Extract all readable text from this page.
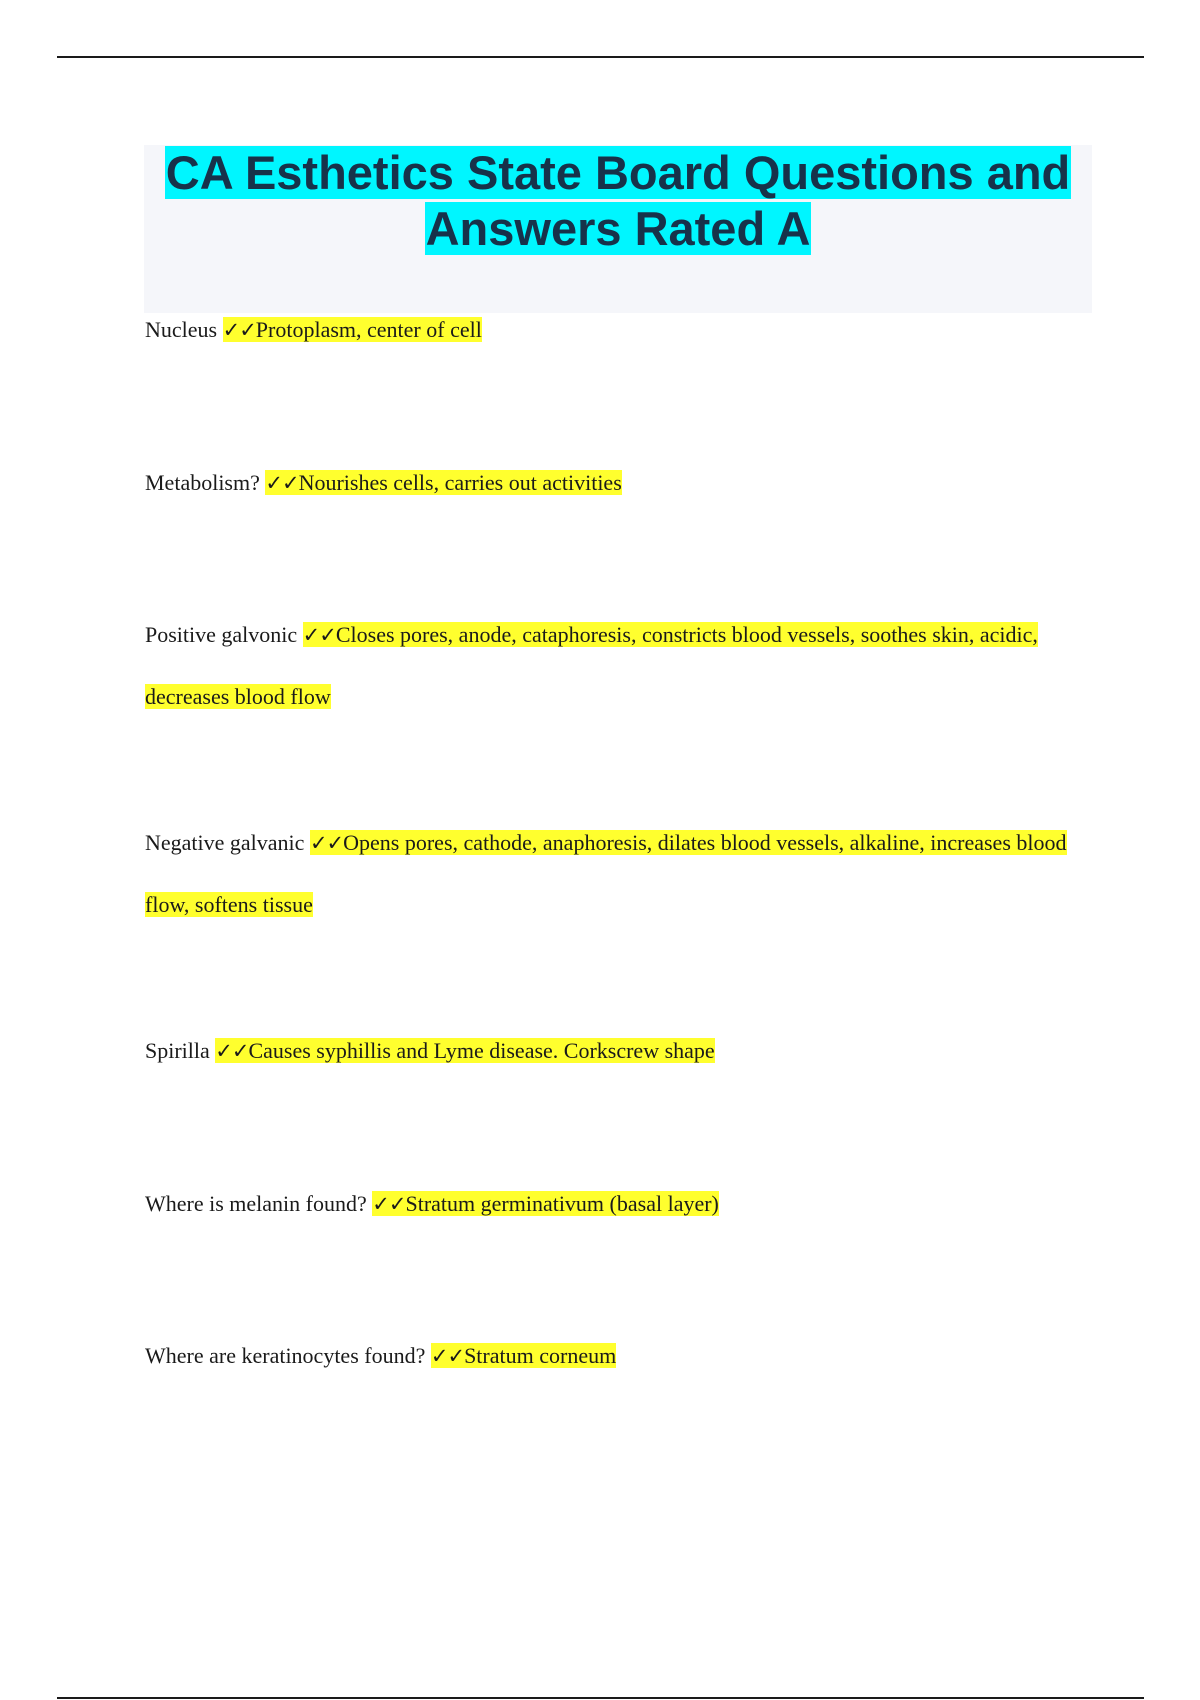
CA Esthetics State Board Questions and Answers Rated A

Nucleus ✓✓Protoplasm, center of cell

Metabolism? ✓✓Nourishes cells, carries out activities

Positive galvonic ✓✓Closes pores, anode, cataphoresis, constricts blood vessels, soothes skin, acidic, decreases blood flow

Negative galvanic ✓✓Opens pores, cathode, anaphoresis, dilates blood vessels, alkaline, increases blood flow, softens tissue

Spirilla ✓✓Causes syphillis and Lyme disease. Corkscrew shape

Where is melanin found? ✓✓Stratum germinativum (basal layer)

Where are keratinocytes found? ✓✓Stratum corneum
